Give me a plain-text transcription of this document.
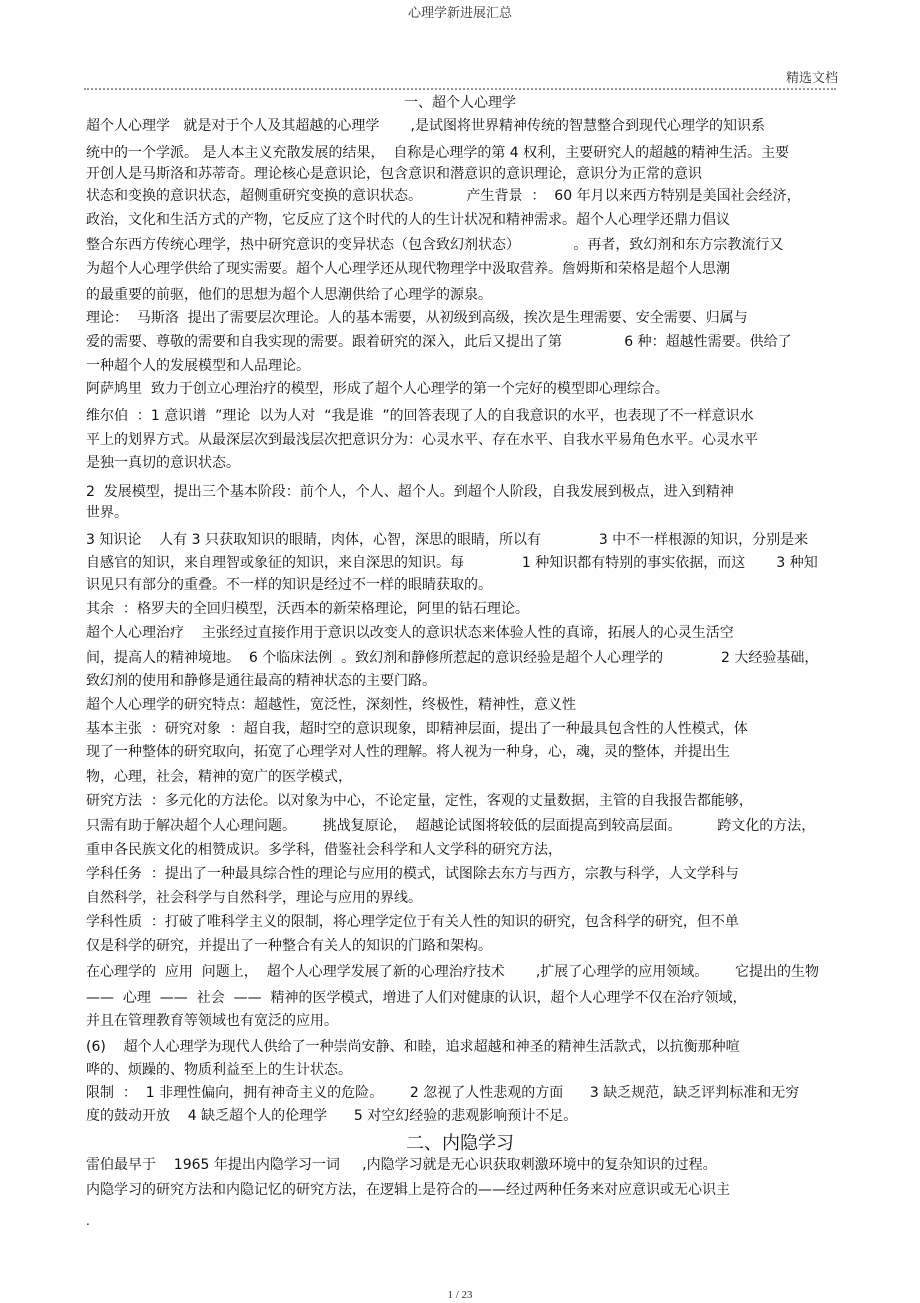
心理学新进展汇总
精选文档
一、超个人心理学
超个人心理学   就是对于个人及其超越的心理学       ,是试图将世界精神传统的智慧整合到现代心理学的知识系
统中的一个学派。 是人本主义充散发展的结果，  自称是心理学的第 4 权利，主要研究人的超越的精神生活。主要
开创人是马斯洛和苏蒂奇。理论核心是意识论，包含意识和潜意识的意识理论，意识分为正常的意识
状态和变换的意识状态，超侧重研究变换的意识状态。          产生背景  ：  60 年月以来西方特别是美国社会经济，
政治，文化和生活方式的产物，它反应了这个时代的人的生计状况和精神需求。超个人心理学还鼎力倡议
整合东西方传统心理学，热中研究意识的变异状态（包含致幻剂状态）            。再者，致幻剂和东方宗教流行又
为超个人心理学供给了现实需要。超个人心理学还从现代物理学中汲取营养。詹姆斯和荣格是超个人思潮
的最重要的前驱，他们的思想为超个人思潮供给了心理学的源泉。
理论：  马斯洛  提出了需要层次理论。人的基本需要，从初级到高级，挨次是生理需要、安全需要、归属与
爱的需要、尊敬的需要和自我实现的需要。跟着研究的深入，此后又提出了第              6 种：超越性需要。供给了
一种超个人的发展模型和人品理论。
阿萨鸠里  致力于创立心理治疗的模型，形成了超个人心理学的第一个完好的模型即心理综合。
维尔伯  ：1 意识谱  ”理论  以为人对  “我是谁  ”的回答表现了人的自我意识的水平，也表现了不一样意识水
平上的划界方式。从最深层次到最浅层次把意识分为：心灵水平、存在水平、自我水平易角色水平。心灵水平
是独一真切的意识状态。
2  发展模型，提出三个基本阶段：前个人，个人、超个人。到超个人阶段，自我发展到极点，进入到精神
世界。
3 知识论    人有 3 只获取知识的眼睛，肉体，心智，深思的眼睛，所以有             3 中不一样根源的知识，分别是来
自感官的知识，来自理智或象征的知识，来自深思的知识。每             1 种知识都有特别的事实依据，而这       3 种知
识见只有部分的重叠。不一样的知识是经过不一样的眼睛获取的。
其余  ：格罗夫的全回归模型，沃西本的新荣格理论，阿里的钻石理论。
超个人心理治疗    主张经过直接作用于意识以改变人的意识状态来体验人性的真谛，拓展人的心灵生活空
间，提高人的精神境地。  6 个临床法例  。致幻剂和静修所惹起的意识经验是超个人心理学的             2 大经验基础，
致幻剂的使用和静修是通往最高的精神状态的主要门路。
超个人心理学的研究特点：超越性，宽泛性，深刻性，终极性，精神性，意义性
基本主张  ：研究对象  ：超自我，超时空的意识现象，即精神层面，提出了一种最具包含性的人性模式，体
现了一种整体的研究取向，拓宽了心理学对人性的理解。将人视为一种身，心，魂，灵的整体，并提出生
物，心理，社会，精神的宽广的医学模式，
研究方法  ：多元化的方法伦。以对象为中心，不论定量，定性，客观的丈量数据，主管的自我报告都能够，
只需有助于解决超个人心理问题。      挑战复原论，  超越论试图将较低的层面提高到较高层面。        跨文化的方法，
重申各民族文化的相赞成识。多学科，借鉴社会科学和人文学科的研究方法，
学科任务  ：提出了一种最具综合性的理论与应用的模式，试图除去东方与西方，宗教与科学，人文学科与
自然科学，社会科学与自然科学，理论与应用的界线。
学科性质  ：打破了唯科学主义的限制，将心理学定位于有关人性的知识的研究，包含科学的研究，但不单
仅是科学的研究，并提出了一种整合有关人的知识的门路和架构。
在心理学的  应用  问题上，  超个人心理学发展了新的心理治疗技术       ,扩展了心理学的应用领域。      它提出的生物
——  心理  ——  社会  ——  精神的医学模式，增进了人们对健康的认识，超个人心理学不仅在治疗领域，
并且在管理教育等领域也有宽泛的应用。
(6)    超个人心理学为现代人供给了一种崇尚安静、和睦，追求超越和神圣的精神生活款式，以抗衡那种喧
哗的、烦躁的、物质利益至上的生计状态。
限制  ：  1 非理性偏向，拥有神奇主义的危险。      2 忽视了人性悲观的方面      3 缺乏规范，缺乏评判标准和无穷
度的鼓动开放    4 缺乏超个人的伦理学      5 对空幻经验的悲观影响预计不足。
二、内隐学习
雷伯最早于    1965 年提出内隐学习一词     ,内隐学习就是无心识获取刺激环境中的复杂知识的过程。
内隐学习的研究方法和内隐记忆的研究方法，在逻辑上是符合的——经过两种任务来对应意识或无心识主
.
1 / 23
